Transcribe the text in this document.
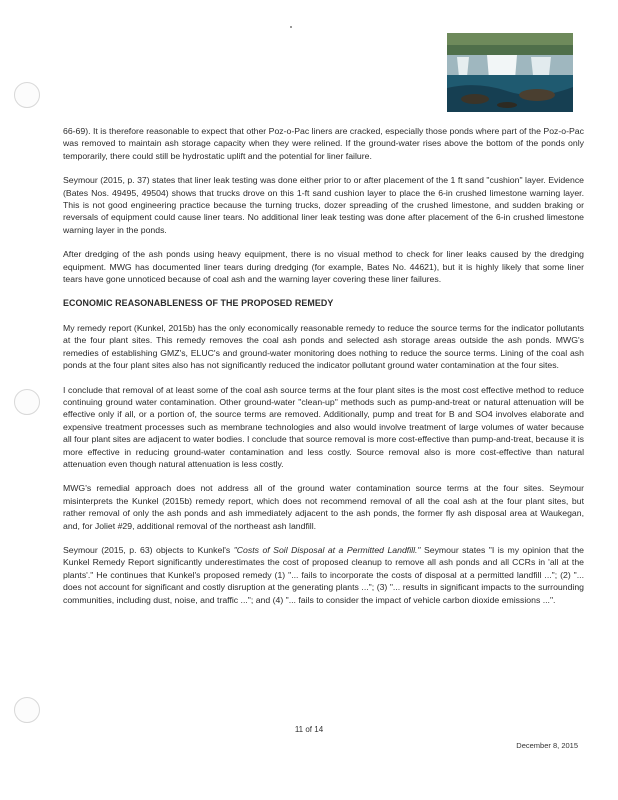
66-69). It is therefore reasonable to expect that other Poz-o-Pac liners are cracked, especially those ponds where part of the Poz-o-Pac was removed to maintain ash storage capacity when they were relined. If the ground-water rises above the bottom of the ponds only temporarily, there could still be hydrostatic uplift and the potential for liner failure.

Seymour (2015, p. 37) states that liner leak testing was done either prior to or after placement of the 1 ft sand "cushion" layer. Evidence (Bates Nos. 49495, 49504) shows that trucks drove on this 1-ft sand cushion layer to place the 6-in crushed limestone warning layer. This is not good engineering practice because the turning trucks, dozer spreading of the crushed limestone, and sudden braking or reversals of equipment could cause liner tears. No additional liner leak testing was done after placement of the 6-in crushed limestone warning layer in the ponds.

After dredging of the ash ponds using heavy equipment, there is no visual method to check for liner leaks caused by the dredging equipment. MWG has documented liner tears during dredging (for example, Bates No. 44621), but it is highly likely that some liner tears have gone unnoticed because of coal ash and the warning layer covering these liner failures.

ECONOMIC REASONABLENESS OF THE PROPOSED REMEDY

My remedy report (Kunkel, 2015b) has the only economically reasonable remedy to reduce the source terms for the indicator pollutants at the four plant sites. This remedy removes the coal ash ponds and selected ash storage areas outside the ash ponds. MWG's remedies of establishing GMZ's, ELUC's and ground-water monitoring does nothing to reduce the source terms. Lining of the coal ash ponds at the four plant sites also has not significantly reduced the indicator pollutant ground water contamination at the four sites.

I conclude that removal of at least some of the coal ash source terms at the four plant sites is the most cost effective method to reduce continuing ground water contamination. Other ground-water "clean-up" methods such as pump-and-treat or natural attenuation will be effective only if all, or a portion of, the source terms are removed. Additionally, pump and treat for B and SO4 involves elaborate and expensive treatment processes such as membrane technologies and also would involve treatment of large volumes of water because all four plant sites are adjacent to water bodies. I conclude that source removal is more cost-effective than pump-and-treat, because it is more effective in reducing ground-water contamination and less costly. Source removal also is more cost-effective than natural attenuation even though natural attenuation is less costly.

MWG's remedial approach does not address all of the ground water contamination source terms at the four sites. Seymour misinterprets the Kunkel (2015b) remedy report, which does not recommend removal of all the coal ash at the four plant sites, but rather removal of only the ash ponds and ash immediately adjacent to the ash ponds, the former fly ash disposal area at Waukegan, and, for Joliet #29, additional removal of the northeast ash landfill.

Seymour (2015, p. 63) objects to Kunkel's "Costs of Soil Disposal at a Permitted Landfill." Seymour states "I is my opinion that the Kunkel Remedy Report significantly underestimates the cost of proposed cleanup to remove all ash ponds and all CCRs in 'all at the plants'." He continues that Kunkel's proposed remedy (1) "... fails to incorporate the costs of disposal at a permitted landfill ..."; (2) "... does not account for significant and costly disruption at the generating plants ..."; (3) "... results in significant impacts to the surrounding communities, including dust, noise, and traffic ..."; and (4) "... fails to consider the impact of vehicle carbon dioxide emissions ...".

11 of 14
December 8, 2015
